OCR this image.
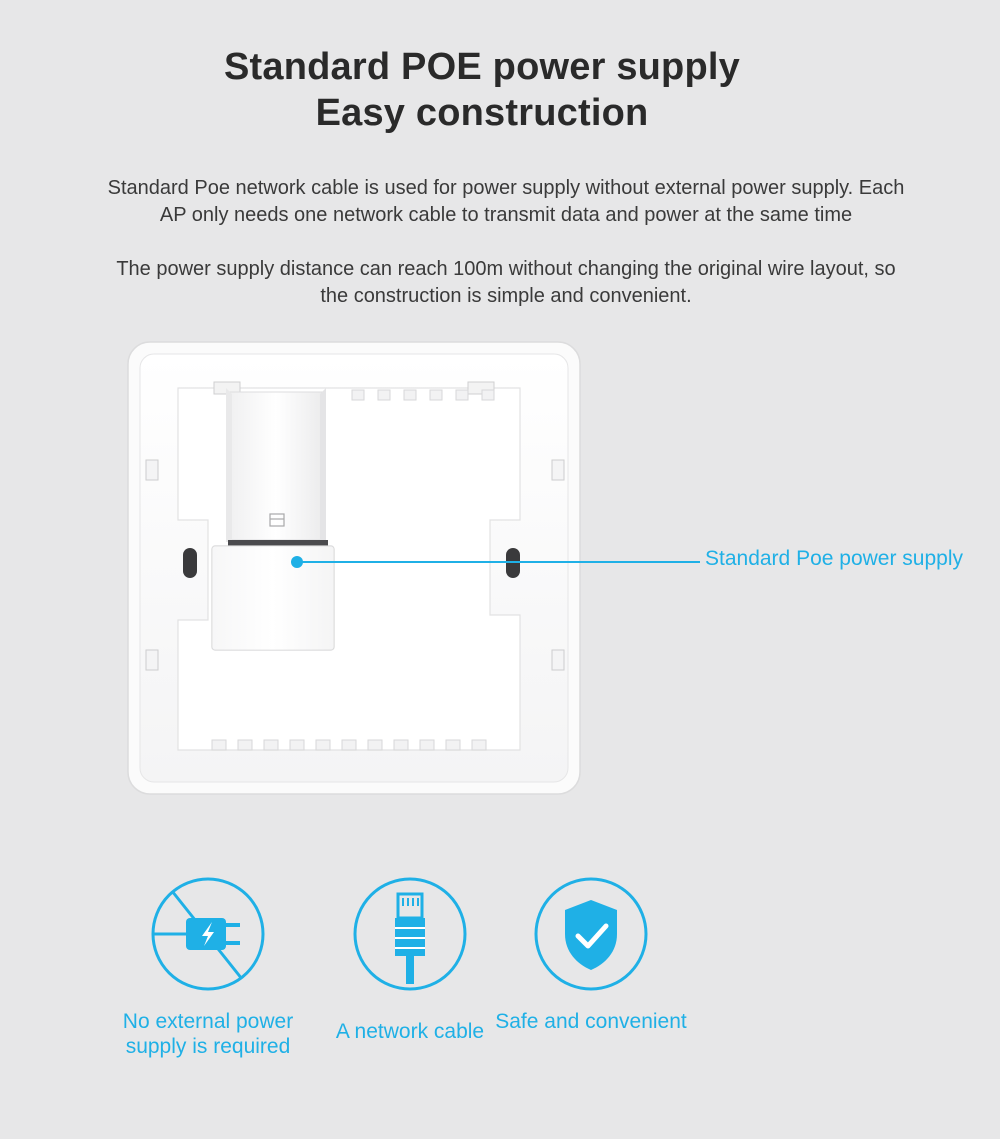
Standard POE power supply
Easy construction
Standard Poe network cable is used for power supply without external power supply. Each AP only needs one network cable to transmit data and power at the same time
The power supply distance can reach 100m without changing the original wire layout, so the construction is simple and convenient.
Standard Poe power supply
No external power supply is required
A network cable Safe and convenient
